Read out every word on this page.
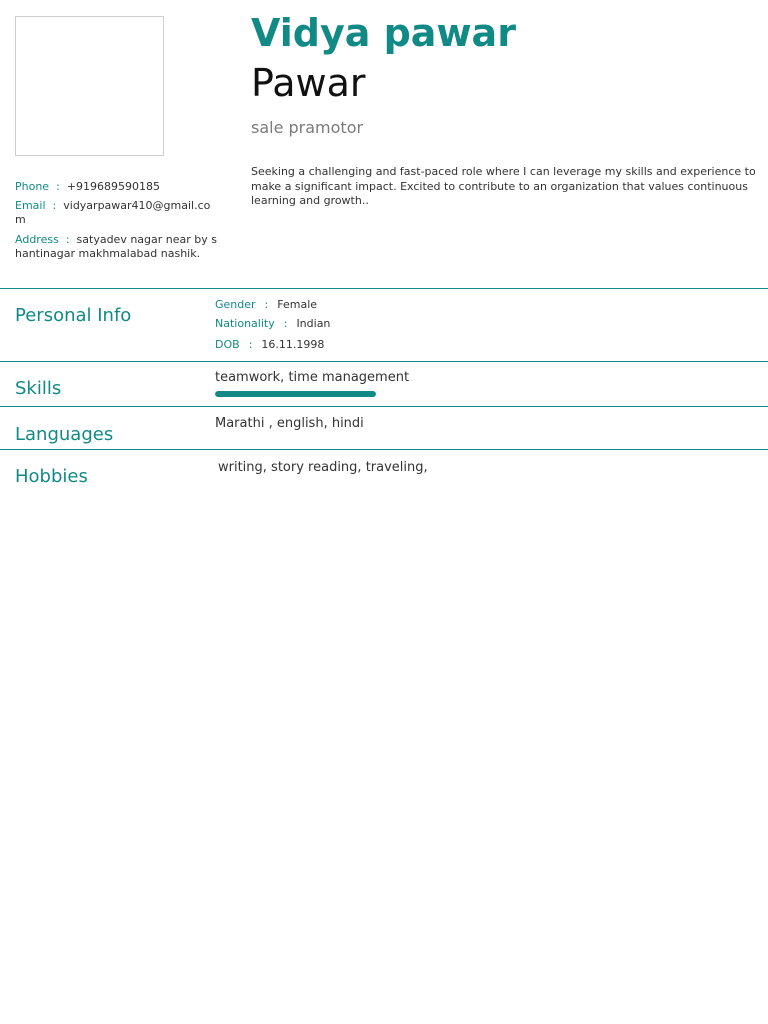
Vidya pawar
Pawar
sale pramotor
Seeking a challenging and fast-paced role where I can leverage my skills and experience to make a significant impact. Excited to contribute to an organization that values continuous learning and growth..
Phone : +919689590185
Email : vidyarpawar410@gmail.com
Address : satyadev nagar near by shantinagar makhmalabad nashik.
Personal Info
Gender : Female
Nationality : Indian
DOB : 16.11.1998
Skills
teamwork, time management
Languages
Marathi , english, hindi
Hobbies	writing, story reading, traveling,
